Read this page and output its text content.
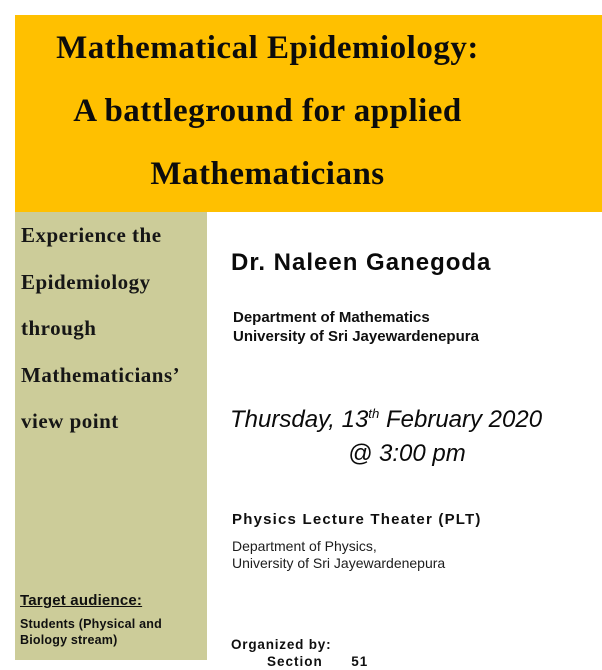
Mathematical Epidemiology:
A battleground for applied
Mathematicians
Experience the
Epidemiology
through
Mathematicians’
view point
Target audience:
Students (Physical and Biology stream)
Dr. Naleen Ganegoda
Department of Mathematics
University of Sri Jayewardenepura
Thursday, 13th February 2020
@ 3:00 pm
Physics Lecture Theater (PLT)
Department of Physics,
University of Sri Jayewardenepura
Organized by:
Section      51
